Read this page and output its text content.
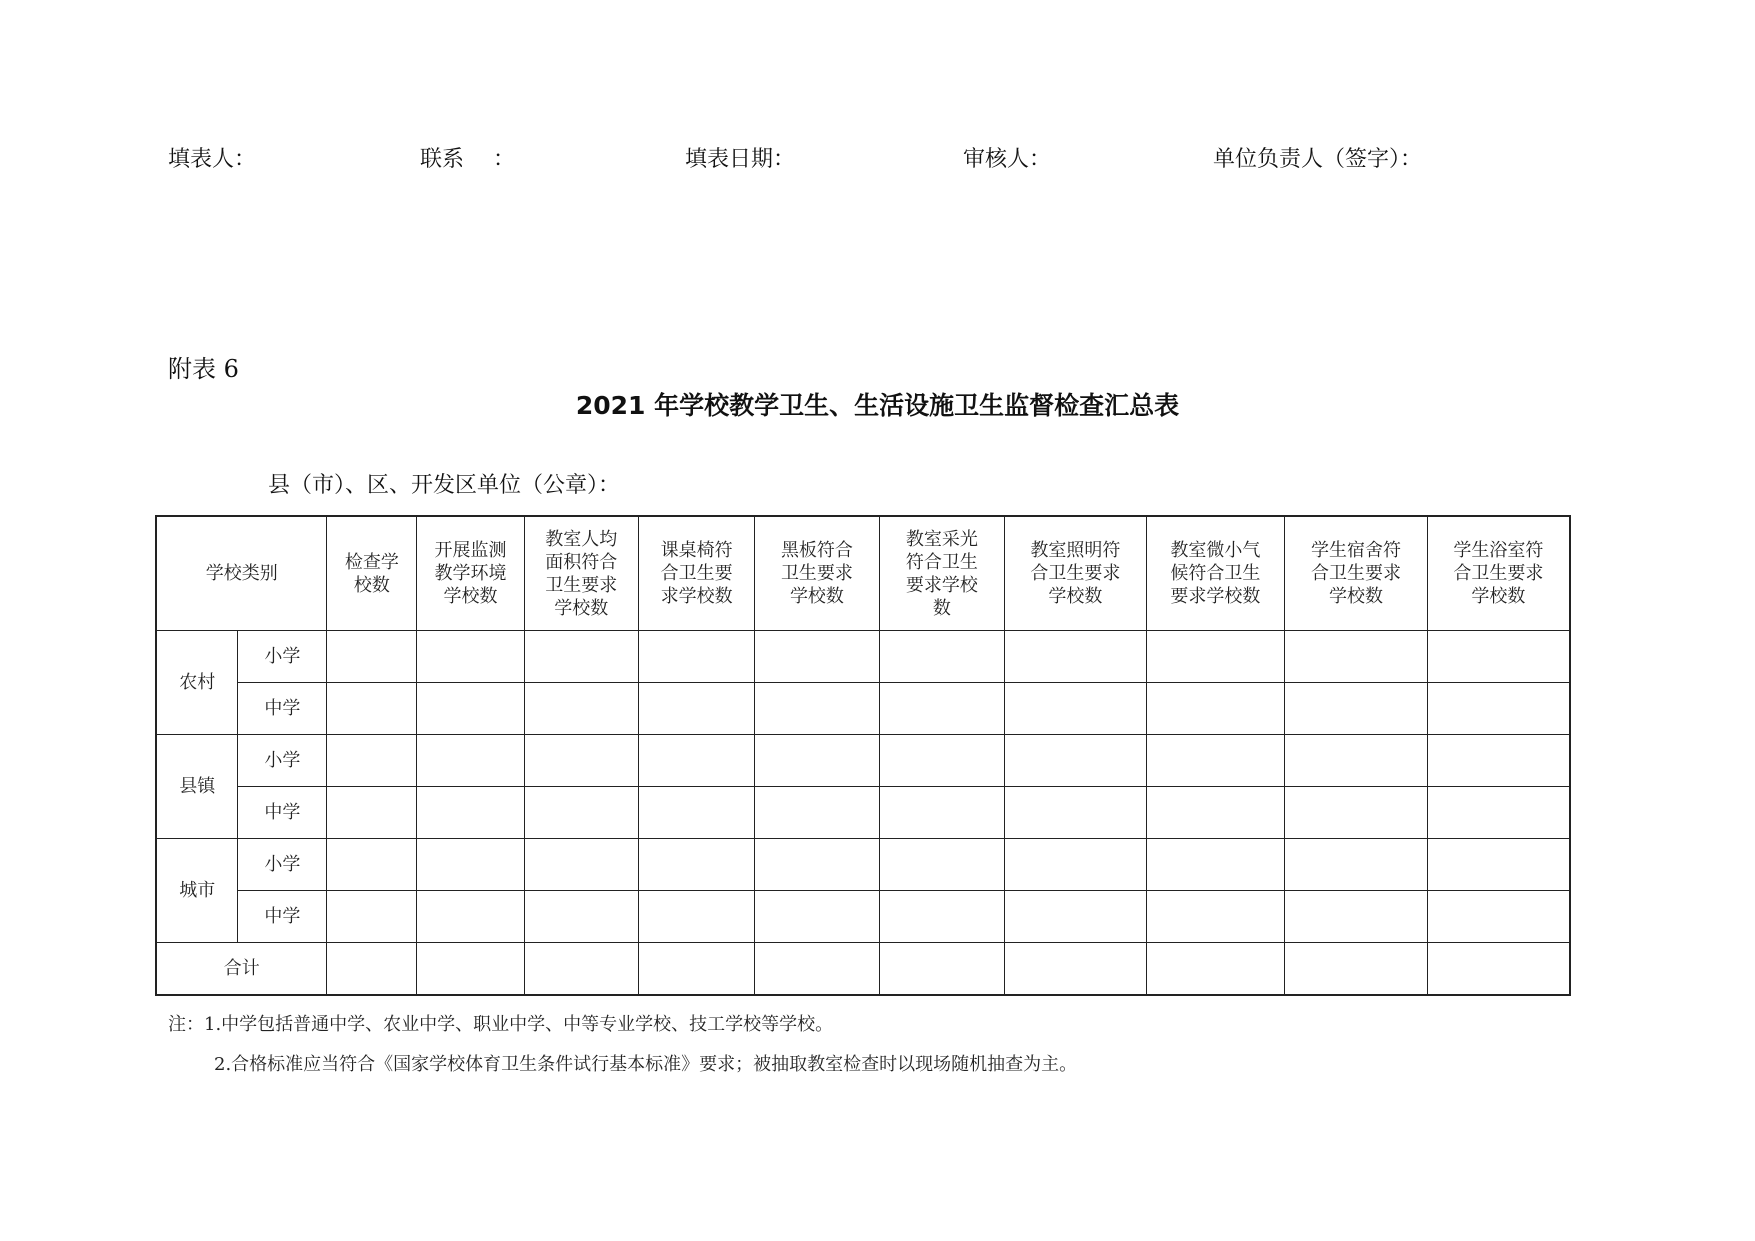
填表人：	联系　 ：	填表日期：	审核人：	单位负责人（签字）：
附表 6
2021 年学校教学卫生、生活设施卫生监督检查汇总表
县（市）、区、开发区单位（公章）：
学校类别		检查学校数	开展监测教学环境学校数	教室人均面积符合卫生要求学校数	课桌椅符合卫生要求学校数	黑板符合卫生要求学校数	教室采光符合卫生要求学校数	教室照明符合卫生要求学校数	教室微小气候符合卫生要求学校数	学生宿舍符合卫生要求学校数	学生浴室符合卫生要求学校数
农村	小学										
	中学										
县镇	小学										
	中学										
城市	小学										
	中学										
合计											
注：1.中学包括普通中学、农业中学、职业中学、中等专业学校、技工学校等学校。
2.合格标准应当符合《国家学校体育卫生条件试行基本标准》要求；被抽取教室检查时以现场随机抽查为主。
